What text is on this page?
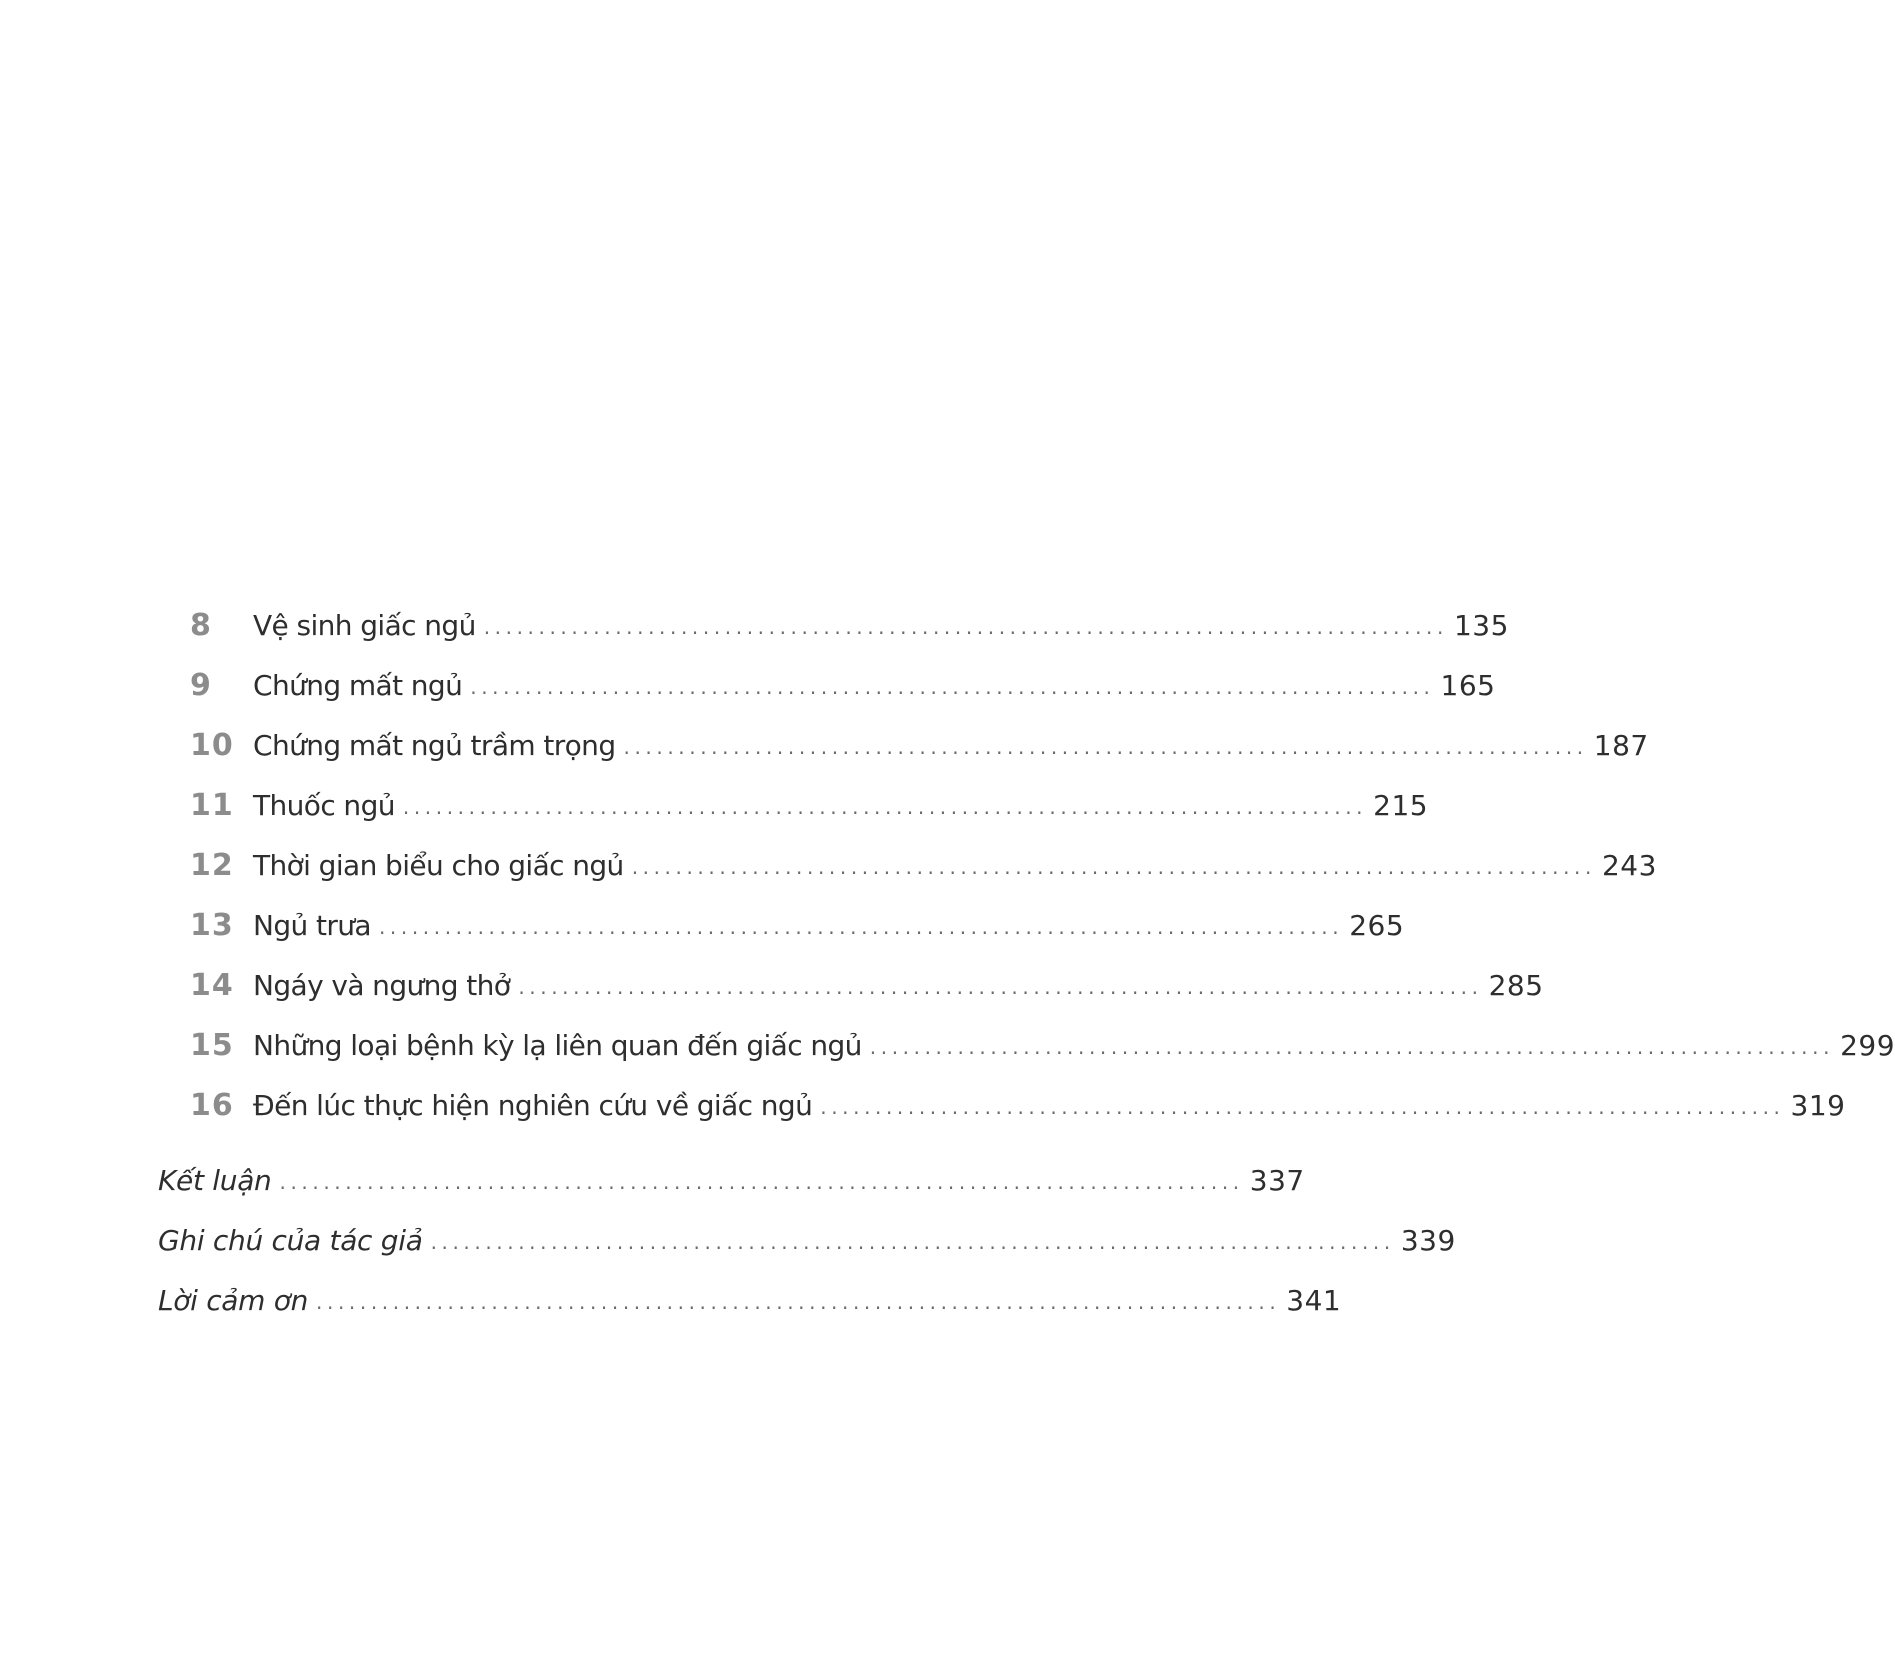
8	Vệ sinh giấc ngủ ........................................................................................ 135
9	Chứng mất ngủ ........................................................................................ 165
10 Chứng mất ngủ trầm trọng ........................................................................................ 187
11 Thuốc ngủ ........................................................................................ 215
12 Thời gian biểu cho giấc ngủ ........................................................................................ 243
13 Ngủ trưa ........................................................................................ 265
14 Ngáy và ngưng thở ........................................................................................ 285
15 Những loại bệnh kỳ lạ liên quan đến giấc ngủ ........................................................................................ 299
16 Đến lúc thực hiện nghiên cứu về giấc ngủ ........................................................................................ 319
Kết luận ........................................................................................ 337
Ghi chú của tác giả ........................................................................................ 339
Lời cảm ơn ........................................................................................ 341
